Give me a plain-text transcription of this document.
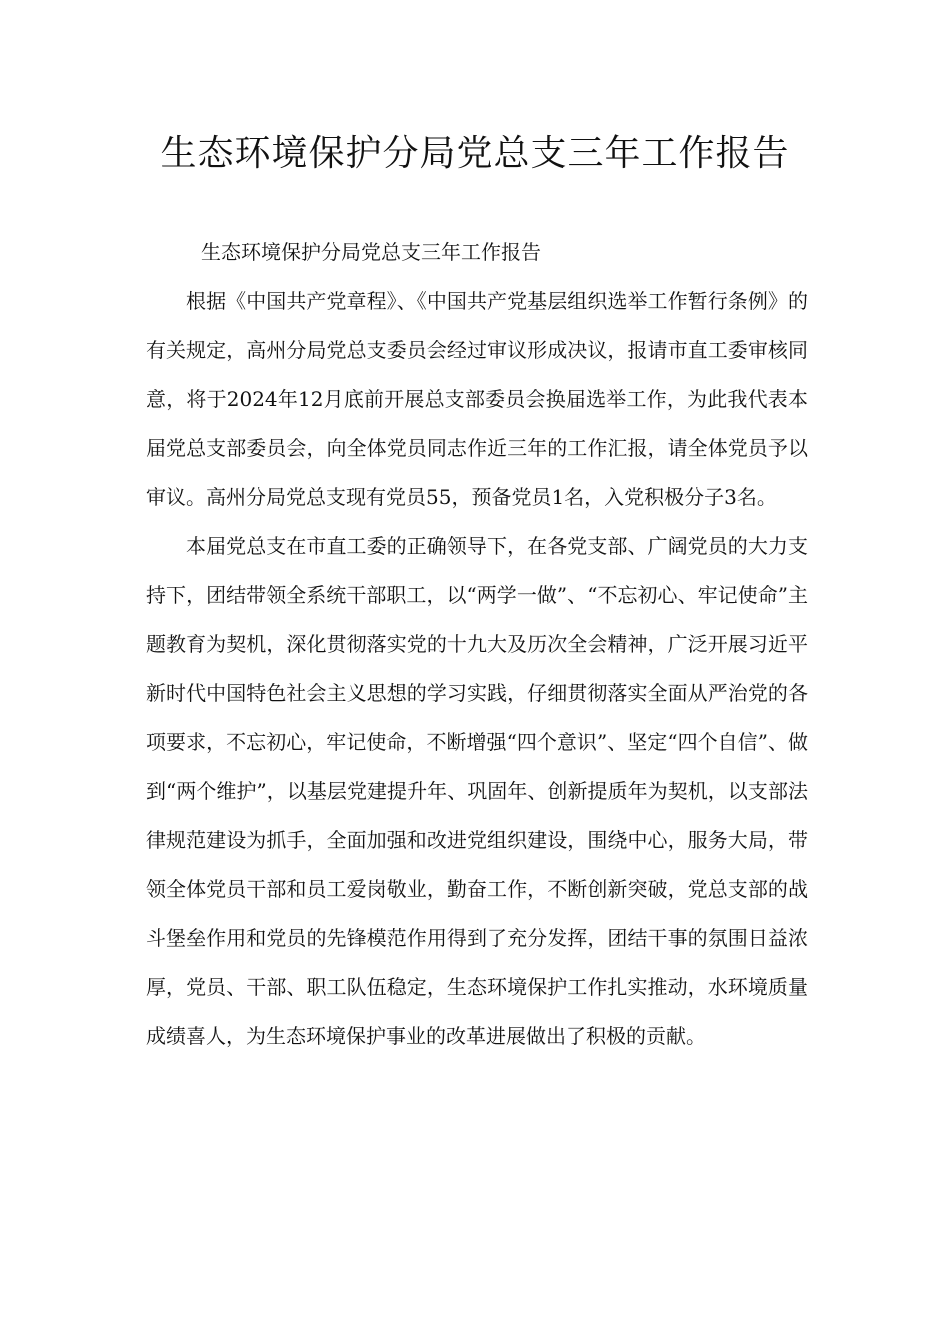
生态环境保护分局党总支三年工作报告

生态环境保护分局党总支三年工作报告

根据《中国共产党章程》、《中国共产党基层组织选举工作暂行条例》的有关规定，高州分局党总支委员会经过审议形成决议，报请市直工委审核同意，将于2024年12月底前开展总支部委员会换届选举工作，为此我代表本届党总支部委员会，向全体党员同志作近三年的工作汇报，请全体党员予以审议。高州分局党总支现有党员55，预备党员1名，入党积极分子3名。

本届党总支在市直工委的正确领导下，在各党支部、广阔党员的大力支持下，团结带领全系统干部职工，以“两学一做”、“不忘初心、牢记使命”主题教育为契机，深化贯彻落实党的十九大及历次全会精神，广泛开展习近平新时代中国特色社会主义思想的学习实践，仔细贯彻落实全面从严治党的各项要求，不忘初心，牢记使命，不断增强“四个意识”、坚定“四个自信”、做到“两个维护”，以基层党建提升年、巩固年、创新提质年为契机，以支部法律规范建设为抓手，全面加强和改进党组织建设，围绕中心，服务大局，带领全体党员干部和员工爱岗敬业，勤奋工作，不断创新突破，党总支部的战斗堡垒作用和党员的先锋模范作用得到了充分发挥，团结干事的氛围日益浓厚，党员、干部、职工队伍稳定，生态环境保护工作扎实推动，水环境质量成绩喜人，为生态环境保护事业的改革进展做出了积极的贡献。
